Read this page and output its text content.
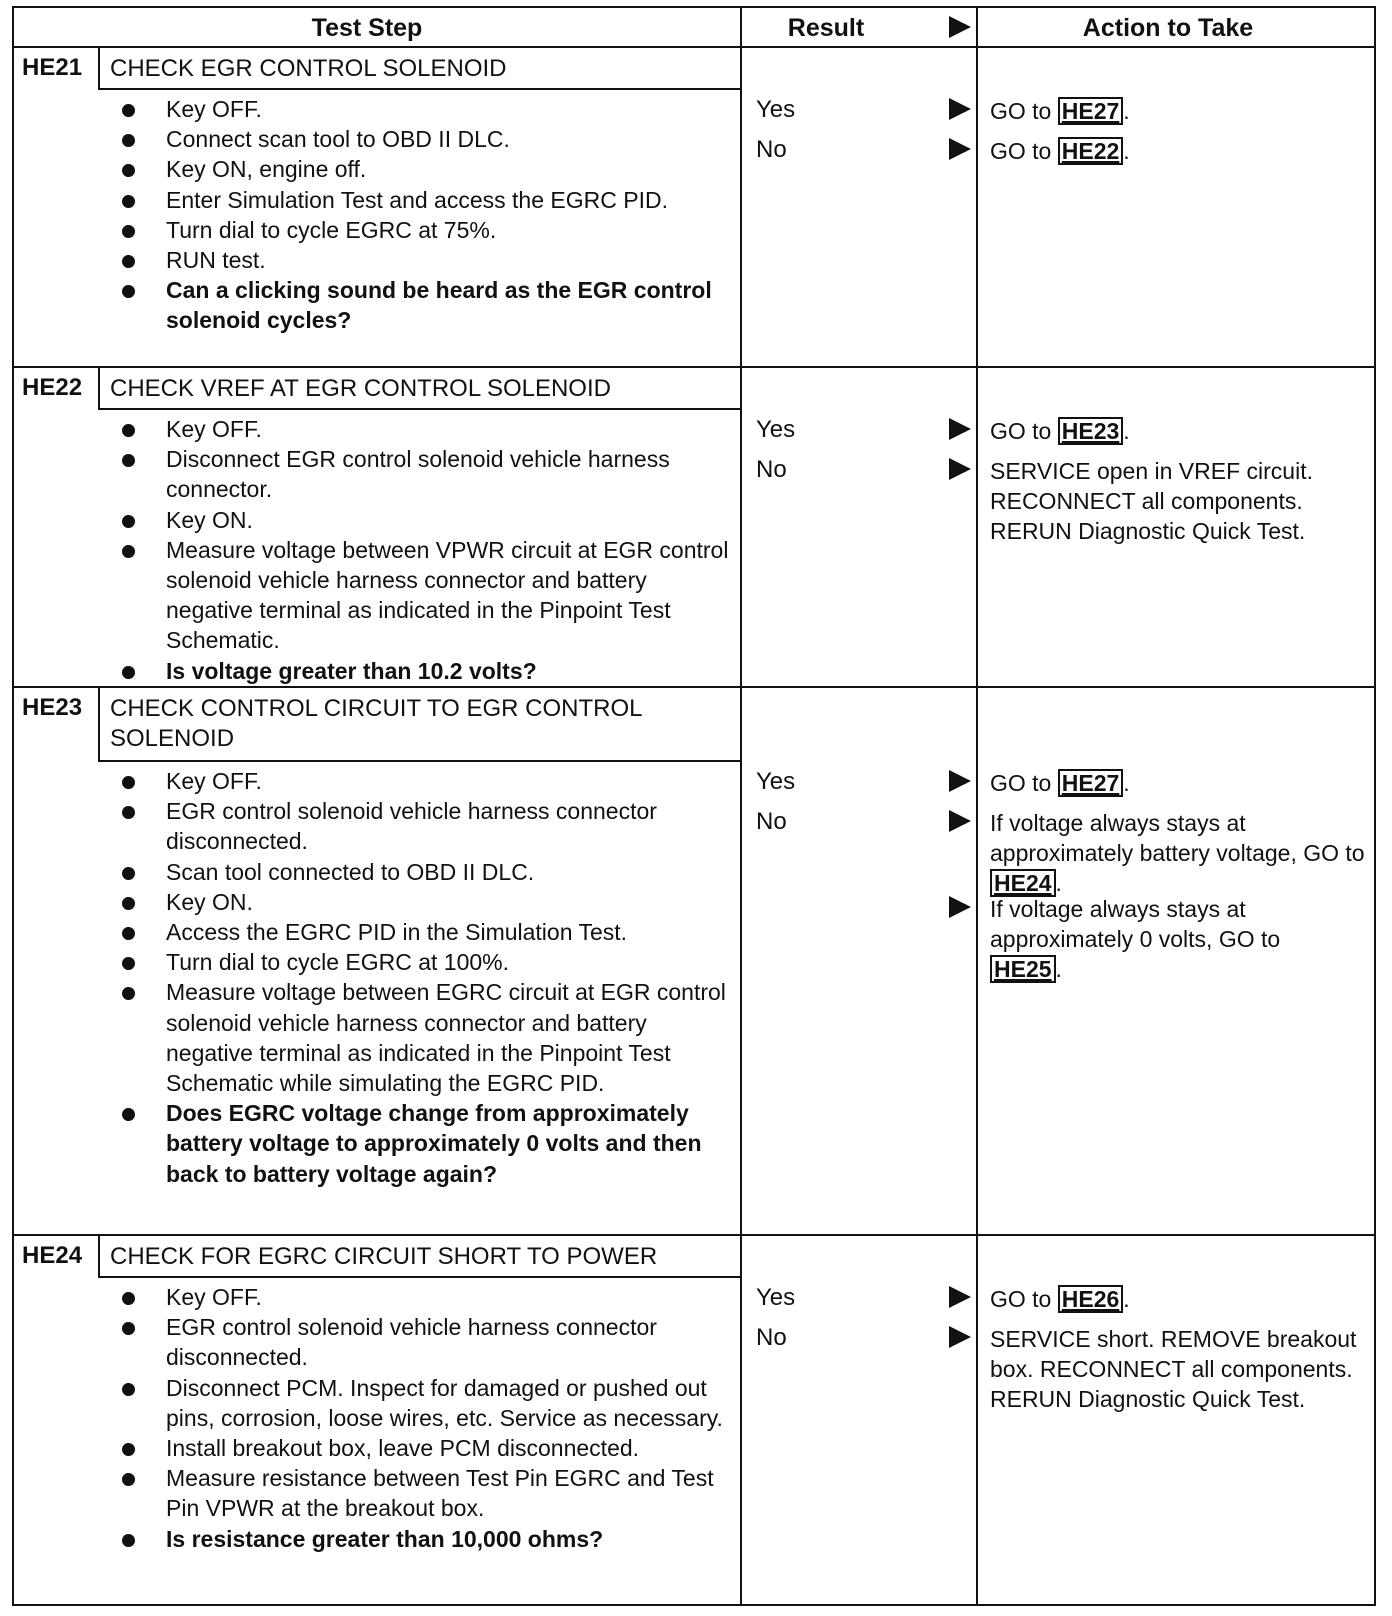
Test Step	Result	Action to Take
HE21 CHECK EGR CONTROL SOLENOID
Key OFF.
Connect scan tool to OBD II DLC.
Key ON, engine off.
Enter Simulation Test and access the EGRC PID.
Turn dial to cycle EGRC at 75%.
RUN test.
Can a clicking sound be heard as the EGR control solenoid cycles?
Yes
No
GO to HE27 .
GO to HE22 .
HE22 CHECK VREF AT EGR CONTROL SOLENOID
Key OFF.
Disconnect EGR control solenoid vehicle harness connector.
Key ON.
Measure voltage between VPWR circuit at EGR control solenoid vehicle harness connector and battery negative terminal as indicated in the Pinpoint Test Schematic.
Is voltage greater than 10.2 volts?
Yes
No
GO to HE23 .
SERVICE open in VREF circuit. RECONNECT all components. RERUN Diagnostic Quick Test.
HE23 CHECK CONTROL CIRCUIT TO EGR CONTROL SOLENOID
Key OFF.
EGR control solenoid vehicle harness connector disconnected.
Scan tool connected to OBD II DLC.
Key ON.
Access the EGRC PID in the Simulation Test.
Turn dial to cycle EGRC at 100%.
Measure voltage between EGRC circuit at EGR control solenoid vehicle harness connector and battery negative terminal as indicated in the Pinpoint Test Schematic while simulating the EGRC PID.
Does EGRC voltage change from approximately battery voltage to approximately 0 volts and then back to battery voltage again?
Yes
No
GO to HE27 .
If voltage always stays at approximately battery voltage, GO to HE24 .
If voltage always stays at approximately 0 volts, GO to HE25 .
HE24 CHECK FOR EGRC CIRCUIT SHORT TO POWER
Key OFF.
EGR control solenoid vehicle harness connector disconnected.
Disconnect PCM. Inspect for damaged or pushed out pins, corrosion, loose wires, etc. Service as necessary.
Install breakout box, leave PCM disconnected.
Measure resistance between Test Pin EGRC and Test Pin VPWR at the breakout box.
Is resistance greater than 10,000 ohms?
Yes
No
GO to HE26 .
SERVICE short. REMOVE breakout box. RECONNECT all components. RERUN Diagnostic Quick Test.
